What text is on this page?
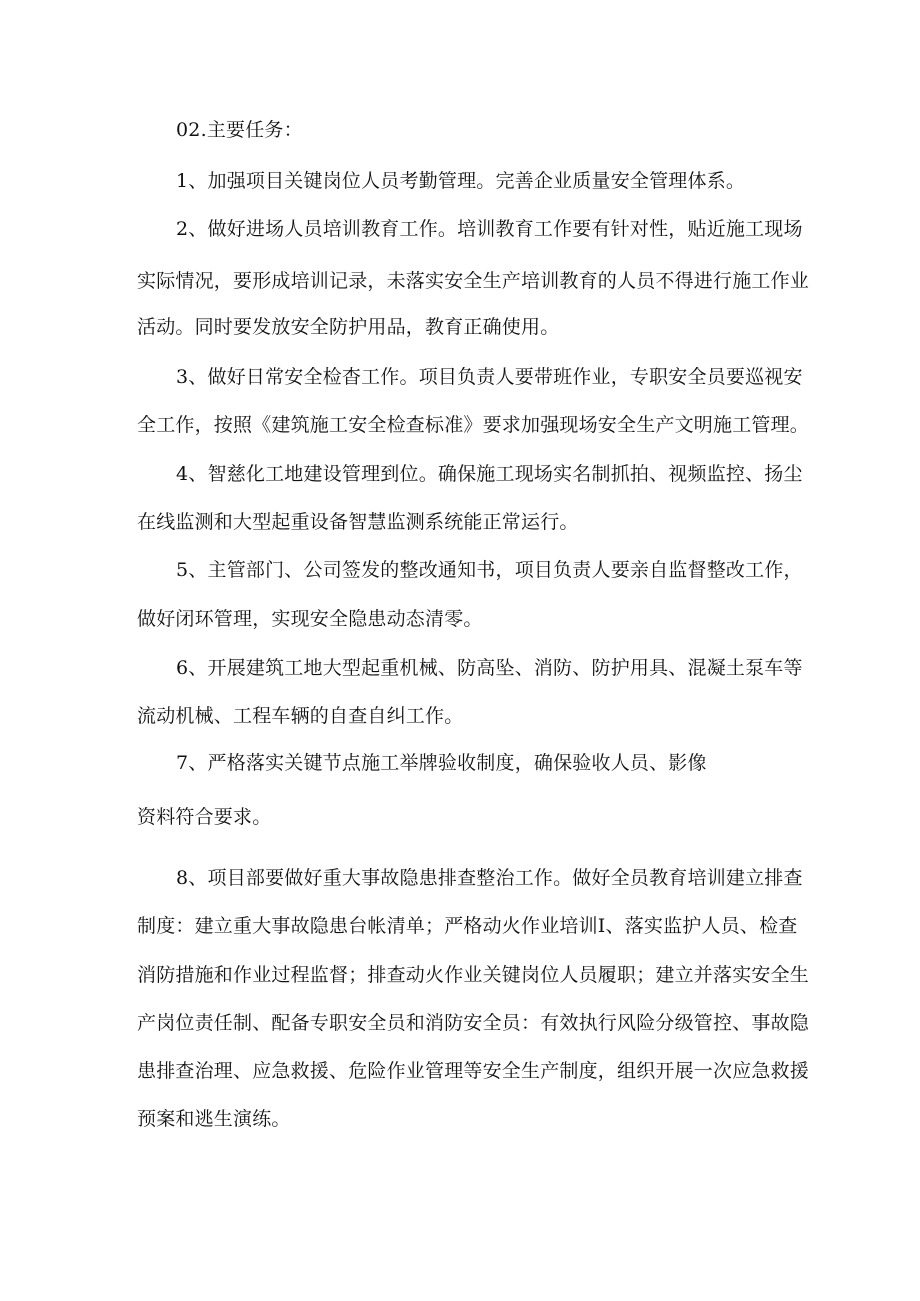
02.主要任务：
1、加强项目关键岗位人员考勤管理。完善企业质量安全管理体系。
2、做好进场人员培训教育工作。培训教育工作要有针对性，贴近施工现场
实际情况，要形成培训记录，未落实安全生产培训教育的人员不得进行施工作业
活动。同时要发放安全防护用品，教育正确使用。
3、做好日常安全检杳工作。项目负责人要带班作业，专职安全员要巡视安
全工作，按照《建筑施工安全检查标准》要求加强现场安全生产文明施工管理。
4、智慈化工地建设管理到位。确保施工现场实名制抓拍、视频监控、扬尘
在线监测和大型起重设备智慧监测系统能正常运行。
5、主管部门、公司签发的整改通知书，项目负责人要亲自监督整改工作，
做好闭环管理，实现安全隐患动态清零。
6、开展建筑工地大型起重机械、防高坠、消防、防护用具、混凝土泵车等
流动机械、工程车辆的自查自纠工作。
7、严格落实关键节点施工举牌验收制度，确保验收人员、影像
资料符合要求。
8、项目部要做好重大事故隐患排查整治工作。做好全员教育培训建立排查
制度：建立重大事故隐患台帐清单；严格动火作业培训I、落实监护人员、检查
消防措施和作业过程监督；排查动火作业关键岗位人员履职；建立并落实安全生
产岗位责任制、配备专职安全员和消防安全员：有效执行风险分级管控、事故隐
患排查治理、应急救援、危险作业管理等安全生产制度，组织开展一次应急救援
预案和逃生演练。
